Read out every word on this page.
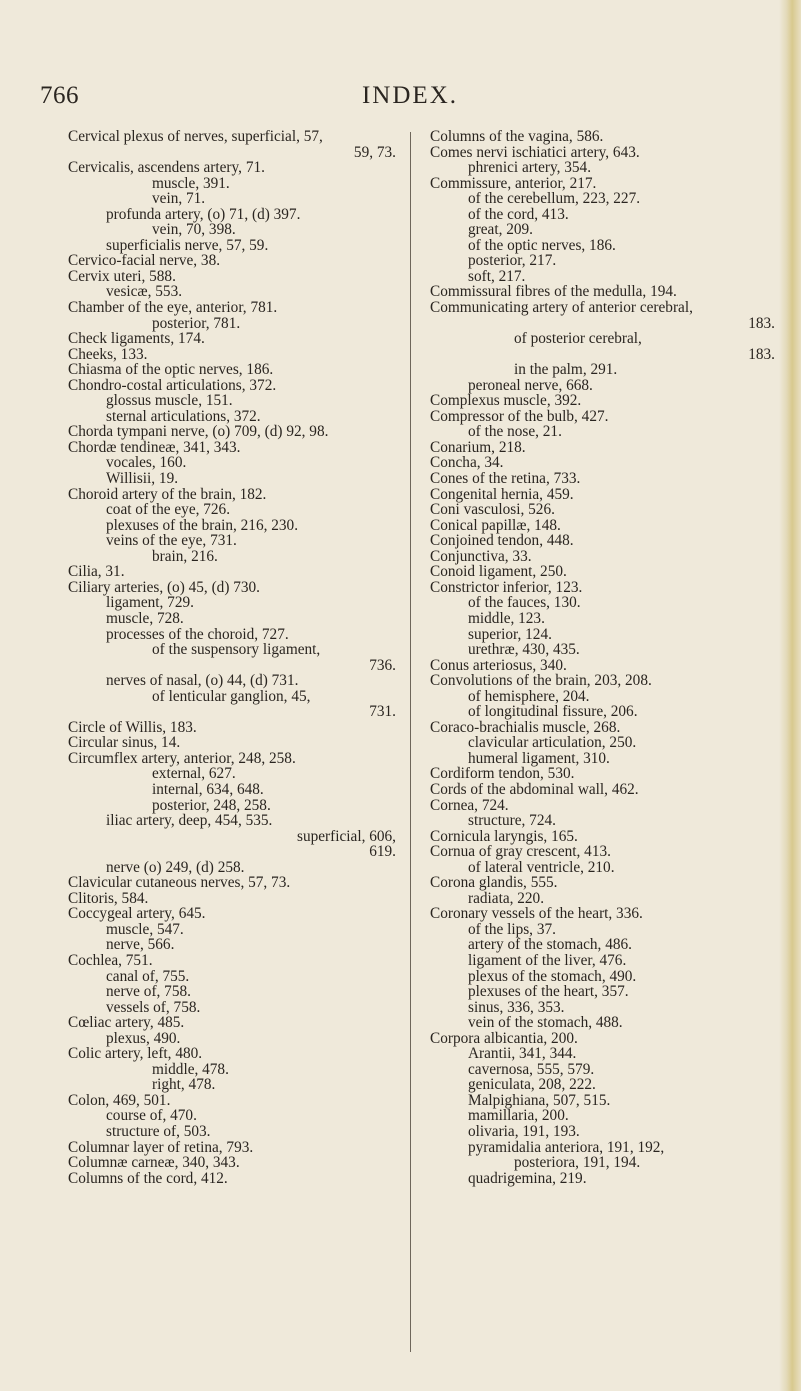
766	INDEX.
Cervical plexus of nerves, superficial, 57,
59, 73.
Cervicalis, ascendens artery, 71.
muscle, 391.
vein, 71.
profunda artery, (o) 71, (d) 397.
vein, 70, 398.
superficialis nerve, 57, 59.
Cervico-facial nerve, 38.
Cervix uteri, 588.
vesicæ, 553.
Chamber of the eye, anterior, 781.
posterior, 781.
Check ligaments, 174.
Cheeks, 133.
Chiasma of the optic nerves, 186.
Chondro-costal articulations, 372.
glossus muscle, 151.
sternal articulations, 372.
Chorda tympani nerve, (o) 709, (d) 92, 98.
Chordæ tendineæ, 341, 343.
vocales, 160.
Willisii, 19.
Choroid artery of the brain, 182.
coat of the eye, 726.
plexuses of the brain, 216, 230.
veins of the eye, 731.
brain, 216.
Cilia, 31.
Ciliary arteries, (o) 45, (d) 730.
ligament, 729.
muscle, 728.
processes of the choroid, 727.
of the suspensory ligament,
736.
nerves of nasal, (o) 44, (d) 731.
of lenticular ganglion, 45,
731.
Circle of Willis, 183.
Circular sinus, 14.
Circumflex artery, anterior, 248, 258.
external, 627.
internal, 634, 648.
posterior, 248, 258.
iliac artery, deep, 454, 535.
superficial, 606,
619.
nerve (o) 249, (d) 258.
Clavicular cutaneous nerves, 57, 73.
Clitoris, 584.
Coccygeal artery, 645.
muscle, 547.
nerve, 566.
Cochlea, 751.
canal of, 755.
nerve of, 758.
vessels of, 758.
Cœliac artery, 485.
plexus, 490.
Colic artery, left, 480.
middle, 478.
right, 478.
Colon, 469, 501.
course of, 470.
structure of, 503.
Columnar layer of retina, 793.
Columnæ carneæ, 340, 343.
Columns of the cord, 412.
Columns of the vagina, 586.
Comes nervi ischiatici artery, 643.
phrenici artery, 354.
Commissure, anterior, 217.
of the cerebellum, 223, 227.
of the cord, 413.
great, 209.
of the optic nerves, 186.
posterior, 217.
soft, 217.
Commissural fibres of the medulla, 194.
Communicating artery of anterior cerebral,
183.
of posterior cerebral,
183.
in the palm, 291.
peroneal nerve, 668.
Complexus muscle, 392.
Compressor of the bulb, 427.
of the nose, 21.
Conarium, 218.
Concha, 34.
Cones of the retina, 733.
Congenital hernia, 459.
Coni vasculosi, 526.
Conical papillæ, 148.
Conjoined tendon, 448.
Conjunctiva, 33.
Conoid ligament, 250.
Constrictor inferior, 123.
of the fauces, 130.
middle, 123.
superior, 124.
urethræ, 430, 435.
Conus arteriosus, 340.
Convolutions of the brain, 203, 208.
of hemisphere, 204.
of longitudinal fissure, 206.
Coraco-brachialis muscle, 268.
clavicular articulation, 250.
humeral ligament, 310.
Cordiform tendon, 530.
Cords of the abdominal wall, 462.
Cornea, 724.
structure, 724.
Cornicula laryngis, 165.
Cornua of gray crescent, 413.
of lateral ventricle, 210.
Corona glandis, 555.
radiata, 220.
Coronary vessels of the heart, 336.
of the lips, 37.
artery of the stomach, 486.
ligament of the liver, 476.
plexus of the stomach, 490.
plexuses of the heart, 357.
sinus, 336, 353.
vein of the stomach, 488.
Corpora albicantia, 200.
Arantii, 341, 344.
cavernosa, 555, 579.
geniculata, 208, 222.
Malpighiana, 507, 515.
mamillaria, 200.
olivaria, 191, 193.
pyramidalia anteriora, 191, 192,
posteriora, 191, 194.
quadrigemina, 219.
